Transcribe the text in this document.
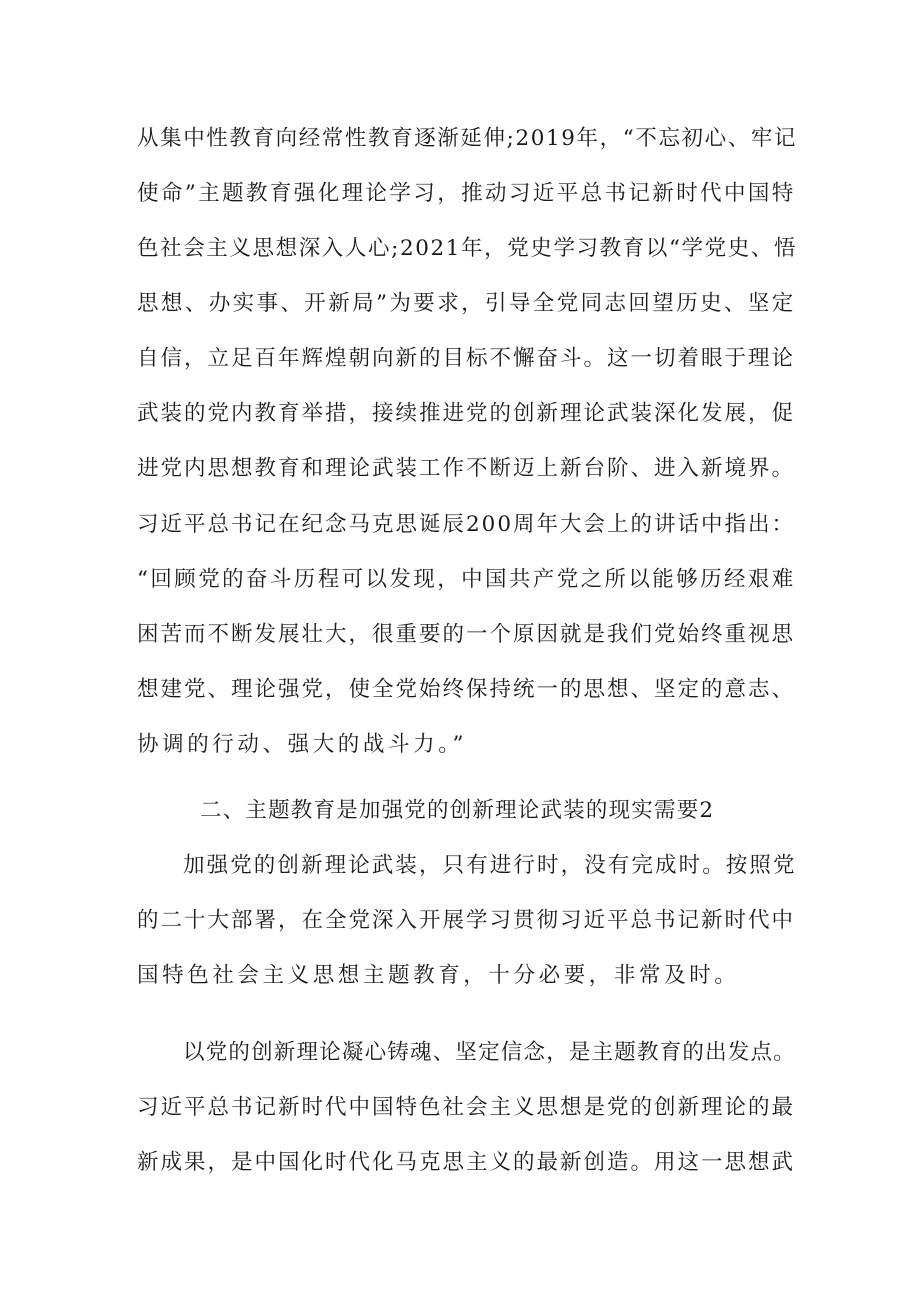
从集中性教育向经常性教育逐渐延伸;2019年，“不忘初心、牢记
使命”主题教育强化理论学习，推动习近平总书记新时代中国特
色社会主义思想深入人心;2021年，党史学习教育以“学党史、悟
思想、办实事、开新局”为要求，引导全党同志回望历史、坚定
自信，立足百年辉煌朝向新的目标不懈奋斗。这一切着眼于理论
武装的党内教育举措，接续推进党的创新理论武装深化发展，促
进党内思想教育和理论武装工作不断迈上新台阶、进入新境界。
习近平总书记在纪念马克思诞辰200周年大会上的讲话中指出：
“回顾党的奋斗历程可以发现，中国共产党之所以能够历经艰难
困苦而不断发展壮大，很重要的一个原因就是我们党始终重视思
想建党、理论强党，使全党始终保持统一的思想、坚定的意志、
协调的行动、强大的战斗力。”
二、主题教育是加强党的创新理论武装的现实需要2
加强党的创新理论武装，只有进行时，没有完成时。按照党
的二十大部署，在全党深入开展学习贯彻习近平总书记新时代中
国特色社会主义思想主题教育，十分必要，非常及时。
以党的创新理论凝心铸魂、坚定信念，是主题教育的出发点。
习近平总书记新时代中国特色社会主义思想是党的创新理论的最
新成果，是中国化时代化马克思主义的最新创造。用这一思想武
